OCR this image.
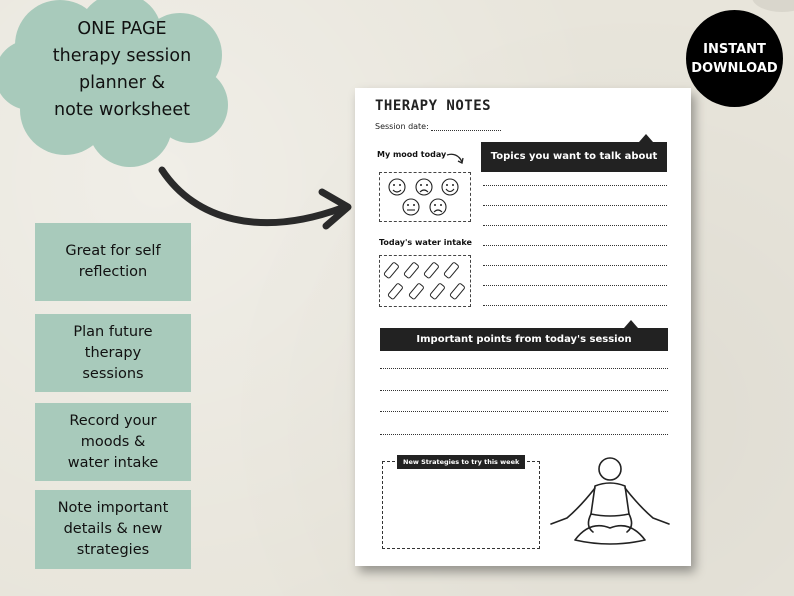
ONE PAGE
therapy session
planner &
note worksheet
Great for self
reflection
Plan future
therapy
sessions
Record your
moods &
water intake
Note important
details & new
strategies
INSTANT
DOWNLOAD
THERAPY NOTES
Session date:
My mood today
Today's water intake
Topics you want to talk about
Important points from today's session
New Strategies to try this week
